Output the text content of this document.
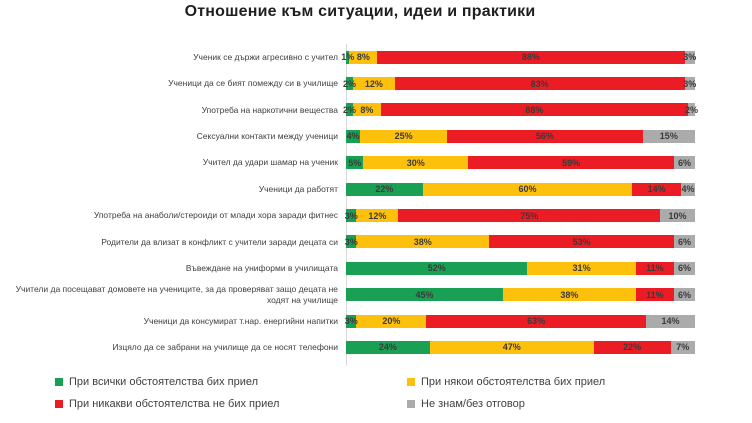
Отношение към ситуации, идеи и практики
Ученик се държи агресивно с учител 1% 8%	88%	3%
Ученици да се бият помежду си в училище 2% 12%	83%	3%
Употреба на наркотични вещества 2% 8%	88%	2%
Сексуални контакти между ученици 4%	25%	56%	15%
Учител да удари шамар на ученик	5%	30%	59%	6%
Ученици да работят	22%	60%	14% 4%
Употреба на анаболи/стероиди от млади хора заради фитнес 3% 12%	75%	10%
Родители да влизат в конфликт с учители заради децата си 3%	38%	53%	6%
Въвеждане на униформи в училищата	52%	31%	11% 6%
Учители да посещават домовете на учениците, за да проверяват защо децата не ходят на училище	45%	38%	11% 6%
Ученици да консумират т.нар. енергийни напитки 3%	20%	63%	14%
Изцяло да се забрани на училище да се носят телефони	24%	47%	22%	7%
При всички обстоятелства бих приел	При някои обстоятелства бих приел
При никакви обстоятелства не бих приел	Не знам/без отговор
